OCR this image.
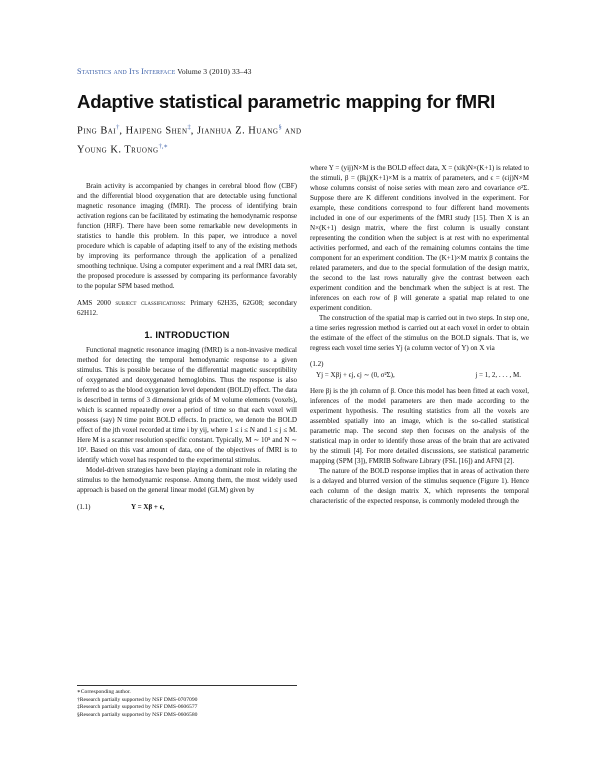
Statistics and Its Interface Volume 3 (2010) 33–43
Adaptive statistical parametric mapping for fMRI
Ping Bai†, Haipeng Shen‡, Jianhua Z. Huang§ and
Young K. Truong†,∗

Brain activity is accompanied by changes in cerebral blood flow (CBF) and the differential blood oxygenation that are detectable using functional magnetic resonance imaging (fMRI). The process of identifying brain activation regions can be facilitated by estimating the hemodynamic response function (HRF). There have been some remarkable new developments in statistics to handle this problem. In this paper, we introduce a novel procedure which is capable of adapting itself to any of the existing methods by improving its performance through the application of a penalized smoothing technique. Using a computer experiment and a real fMRI data set, the proposed procedure is assessed by comparing its performance favorably to the popular SPM based method.

AMS 2000 subject classifications: Primary 62H35, 62G08; secondary 62H12.

1. INTRODUCTION

Functional magnetic resonance imaging (fMRI) is a non-invasive medical method for detecting the temporal hemodynamic response to a given stimulus. This is possible because of the differential magnetic susceptibility of oxygenated and deoxygenated hemoglobins. Thus the response is also referred to as the blood oxygenation level dependent (BOLD) effect. The data is described in terms of 3 dimensional grids of M volume elements (voxels), which is scanned repeatedly over a period of time so that each voxel will possess (say) N time point BOLD effects. In practice, we denote the BOLD effect of the jth voxel recorded at time i by yij, where 1 ≤ i ≤ N and 1 ≤ j ≤ M. Here M is a scanner resolution specific constant. Typically, M ∼ 10⁵ and N ∼ 10². Based on this vast amount of data, one of the objectives of fMRI is to identify which voxel has responded to the experimental stimulus.

Model-driven strategies have been playing a dominant role in relating the stimulus to the hemodynamic response. Among them, the most widely used approach is based on the general linear model (GLM) given by

(1.1)	Y = Xβ + ϵ,
∗Corresponding author.
†Research partially supported by NSF DMS-0707090
‡Research partially supported by NSF DMS-0606577
§Research partially supported by NSF DMS-0606580

where Y = (yij)N×M is the BOLD effect data, X = (xik)N×(K+1) is related to the stimuli, β = (βkj)(K+1)×M is a matrix of parameters, and ϵ = (ϵij)N×M whose columns consist of noise series with mean zero and covariance σ²Σ. Suppose there are K different conditions involved in the experiment. For example, these conditions correspond to four different hand movements included in one of our experiments of the fMRI study [15]. Then X is an N×(K+1) design matrix, where the first column is usually constant representing the condition when the subject is at rest with no experimental activities performed, and each of the remaining columns contains the time component for an experiment condition. The (K+1)×M matrix β contains the related parameters, and due to the special formulation of the design matrix, the second to the last rows naturally give the contrast between each experiment condition and the benchmark when the subject is at rest. The inferences on each row of β will generate a spatial map related to one experiment condition.

The construction of the spatial map is carried out in two steps. In step one, a time series regression method is carried out at each voxel in order to obtain the estimate of the effect of the stimulus on the BOLD signals. That is, we regress each voxel time series Yj (a column vector of Y) on X via

(1.2)
Yj = Xβj + ϵj, ϵj ∼ (0, σ²Σ),	j = 1, 2, . . . , M.

Here βj is the jth column of β. Once this model has been fitted at each voxel, inferences of the model parameters are then made according to the experiment hypothesis. The resulting statistics from all the voxels are assembled spatially into an image, which is the so-called statistical parametric map. The second step then focuses on the analysis of the statistical map in order to identify those areas of the brain that are activated by the stimuli [4]. For more detailed discussions, see statistical parametric mapping (SPM [3]), FMRIB Software Library (FSL [16]) and AFNI [2].

The nature of the BOLD response implies that in areas of activation there is a delayed and blurred version of the stimulus sequence (Figure 1). Hence each column of the design matrix X, which represents the temporal characteristic of the expected response, is commonly modeled through the
